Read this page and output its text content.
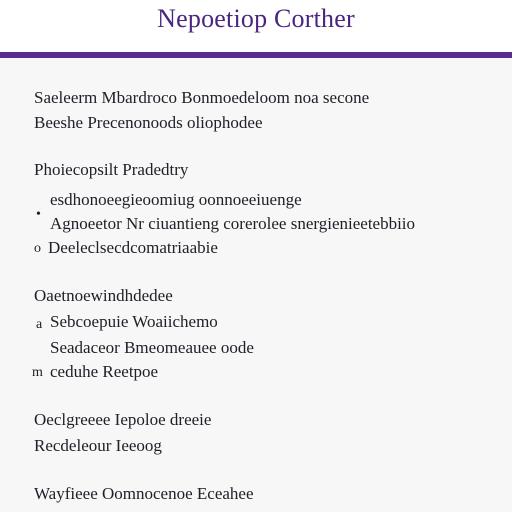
Nepoetiop Corther
Saeleerm Mbardroco Bonmoedeloom noa secone
Beeshe Precenonoods oliophodee
Phoiecopsilt Pradedtry
•
esdhonoeegieoomiug oonnoeeiuenge
Agnoeetor Nr ciuantieng corerolee snergienieetebbiio
o Deeleclsecdcomatriaabie
Oaetnoewindhdedee
a Sebcoepuie Woaiichemo
Seadaceor Bmeomeauee oode
m ceduhe Reetpoe
Oeclgreeee Iepoloe dreeie
Recdeleour Ieeoog
Wayfieee Oomnocenoe Eceahee
